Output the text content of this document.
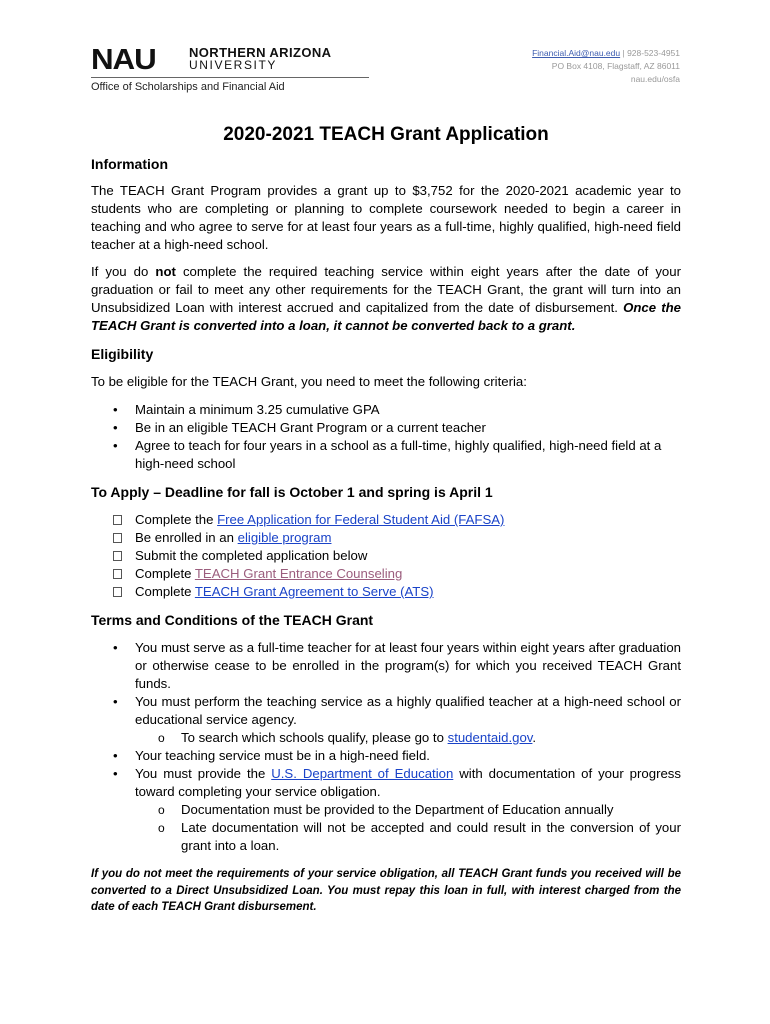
NAU	NORTHERN ARIZONA
UNIVERSITY
Office of Scholarships and Financial Aid
Financial.Aid@nau.edu | 928-523-4951
PO Box 4108, Flagstaff, AZ 86011
nau.edu/osfa
2020-2021 TEACH Grant Application
Information

The TEACH Grant Program provides a grant up to $3,752 for the 2020-2021 academic year to students who are completing or planning to complete coursework needed to begin a career in teaching and who agree to serve for at least four years as a full-time, highly qualified, high-need field teacher at a high-need school.

If you do not complete the required teaching service within eight years after the date of your graduation or fail to meet any other requirements for the TEACH Grant, the grant will turn into an Unsubsidized Loan with interest accrued and capitalized from the date of disbursement. Once the TEACH Grant is converted into a loan, it cannot be converted back to a grant.

Eligibility

To be eligible for the TEACH Grant, you need to meet the following criteria:

• Maintain a minimum 3.25 cumulative GPA
• Be in an eligible TEACH Grant Program or a current teacher
• Agree to teach for four years in a school as a full-time, highly qualified, high-need field at a high-need school
To Apply – Deadline for fall is October 1 and spring is April 1
Complete the Free Application for Federal Student Aid (FAFSA)
Be enrolled in an eligible program
Submit the completed application below
Complete TEACH Grant Entrance Counseling
Complete TEACH Grant Agreement to Serve (ATS)
Terms and Conditions of the TEACH Grant
• You must serve as a full-time teacher for at least four years within eight years after graduation or otherwise cease to be enrolled in the program(s) for which you received TEACH Grant funds.
• You must perform the teaching service as a highly qualified teacher at a high-need school or educational service agency.
o To search which schools qualify, please go to studentaid.gov.
• Your teaching service must be in a high-need field.
• You must provide the U.S. Department of Education with documentation of your progress toward completing your service obligation.
o Documentation must be provided to the Department of Education annually
o Late documentation will not be accepted and could result in the conversion of your grant into a loan.

If you do not meet the requirements of your service obligation, all TEACH Grant funds you received will be converted to a Direct Unsubsidized Loan. You must repay this loan in full, with interest charged from the date of each TEACH Grant disbursement.
